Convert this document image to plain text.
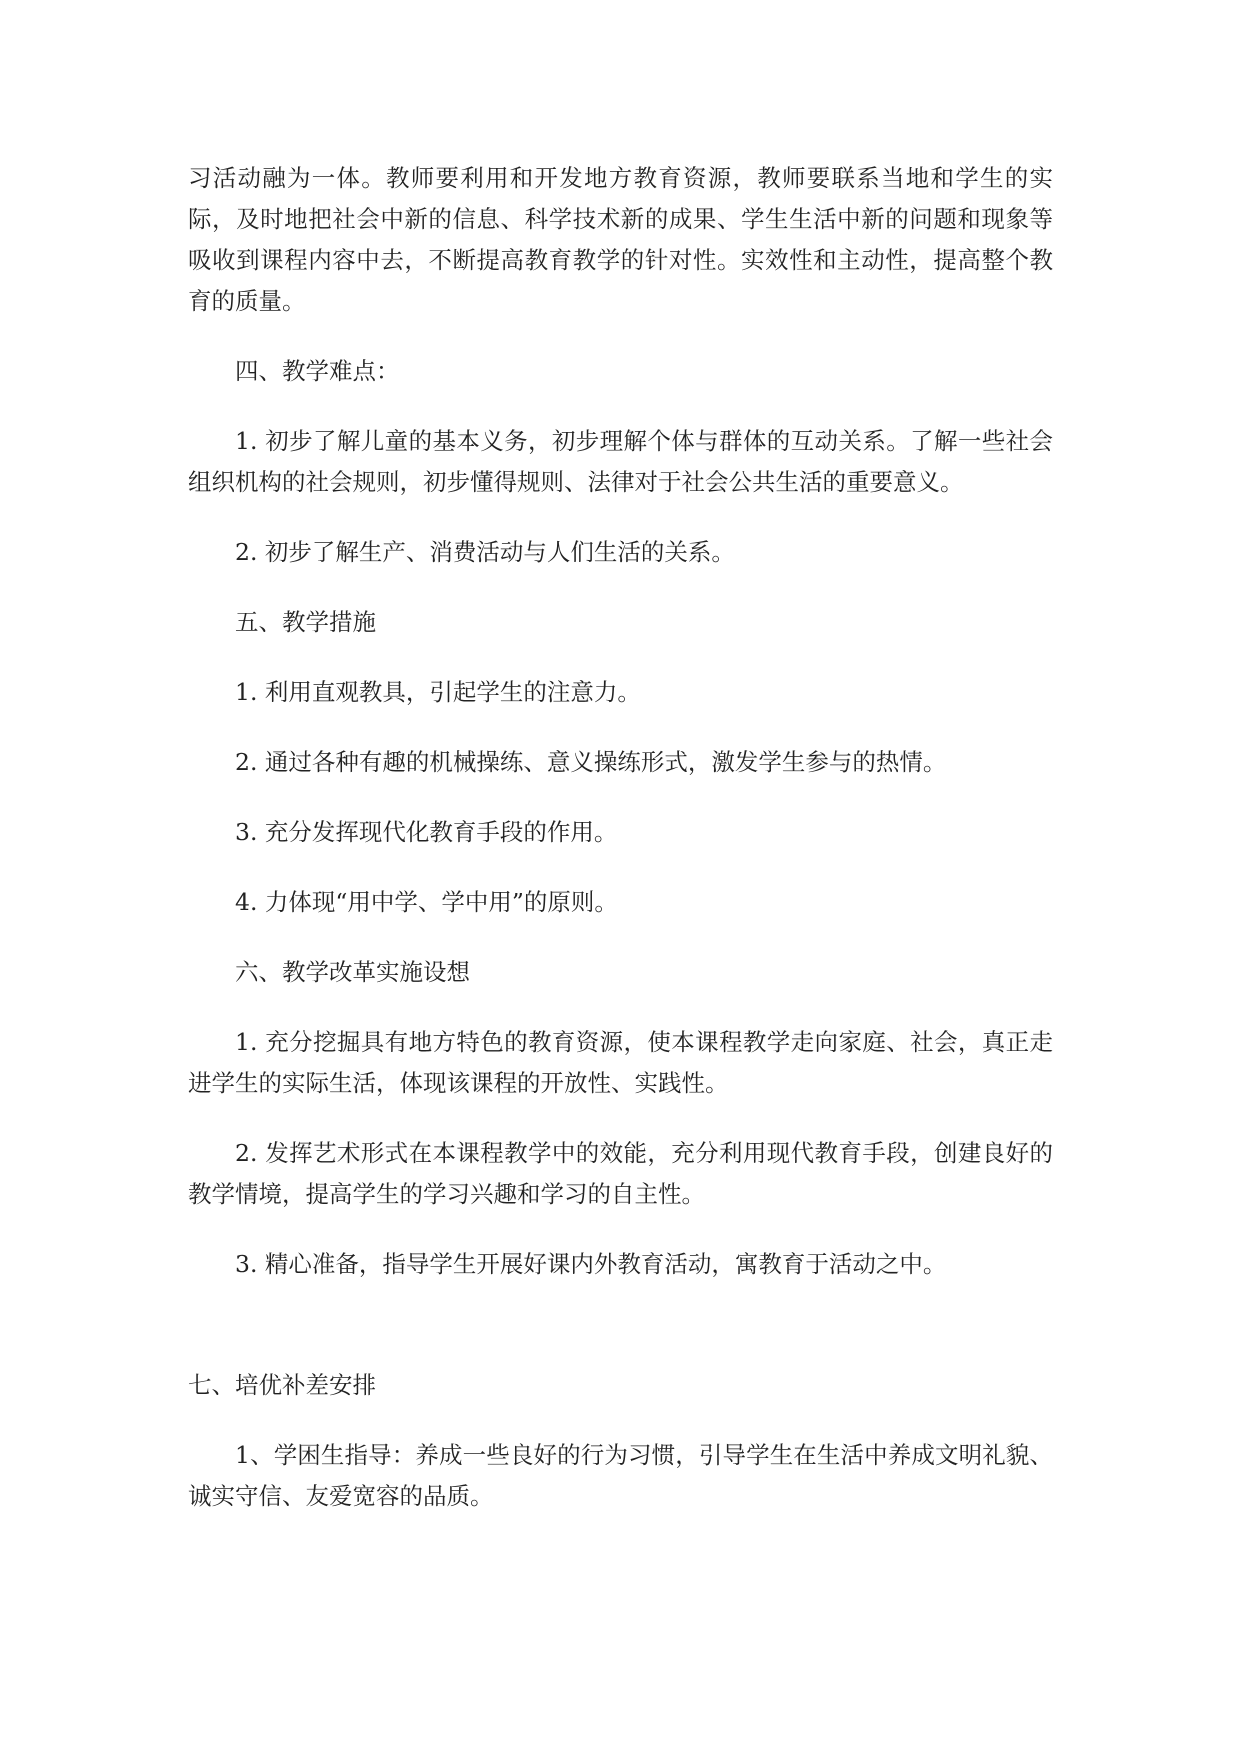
习活动融为一体。教师要利用和开发地方教育资源，教师要联系当地和学生的实际，及时地把社会中新的信息、科学技术新的成果、学生生活中新的问题和现象等吸收到课程内容中去，不断提高教育教学的针对性。实效性和主动性，提高整个教育的质量。

四、教学难点：

1. 初步了解儿童的基本义务，初步理解个体与群体的互动关系。了解一些社会组织机构的社会规则，初步懂得规则、法律对于社会公共生活的重要意义。

2. 初步了解生产、消费活动与人们生活的关系。

五、教学措施

1. 利用直观教具，引起学生的注意力。

2. 通过各种有趣的机械操练、意义操练形式，激发学生参与的热情。

3. 充分发挥现代化教育手段的作用。

4. 力体现“用中学、学中用”的原则。

六、教学改革实施设想

1. 充分挖掘具有地方特色的教育资源，使本课程教学走向家庭、社会，真正走进学生的实际生活，体现该课程的开放性、实践性。

2. 发挥艺术形式在本课程教学中的效能，充分利用现代教育手段，创建良好的教学情境，提高学生的学习兴趣和学习的自主性。

3. 精心准备，指导学生开展好课内外教育活动，寓教育于活动之中。

七、培优补差安排

1、学困生指导：养成一些良好的行为习惯，引导学生在生活中养成文明礼貌、诚实守信、友爱宽容的品质。
